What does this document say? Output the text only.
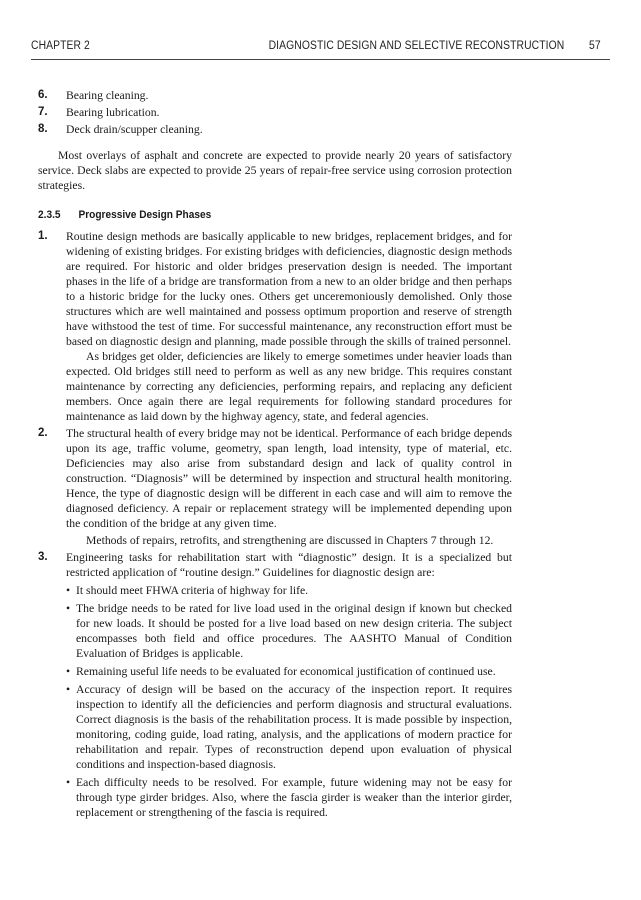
CHAPTER 2	DIAGNOSTIC DESIGN AND SELECTIVE RECONSTRUCTION 57
6. Bearing cleaning.
7. Bearing lubrication.
8. Deck drain/scupper cleaning.

Most overlays of asphalt and concrete are expected to provide nearly 20 years of satisfactory service. Deck slabs are expected to provide 25 years of repair-free service using corrosion protection strategies.

2.3.5 Progressive Design Phases
1. Routine design methods are basically applicable to new bridges, replacement bridges, and for widening of existing bridges. For existing bridges with deficiencies, diagnostic design methods are required. For historic and older bridges preservation design is needed. The important phases in the life of a bridge are transformation from a new to an older bridge and then perhaps to a historic bridge for the lucky ones. Others get unceremoniously demolished. Only those structures which are well maintained and possess optimum proportion and reserve of strength have withstood the test of time. For successful maintenance, any reconstruction effort must be based on diagnostic design and planning, made possible through the skills of trained personnel.
As bridges get older, deficiencies are likely to emerge sometimes under heavier loads than expected. Old bridges still need to perform as well as any new bridge. This requires constant maintenance by correcting any deficiencies, performing repairs, and replacing any deficient members. Once again there are legal requirements for following standard procedures for maintenance as laid down by the highway agency, state, and federal agencies.
2. The structural health of every bridge may not be identical. Performance of each bridge depends upon its age, traffic volume, geometry, span length, load intensity, type of material, etc. Deficiencies may also arise from substandard design and lack of quality control in construction. “Diagnosis” will be determined by inspection and structural health monitoring. Hence, the type of diagnostic design will be different in each case and will aim to remove the diagnosed deficiency. A repair or replacement strategy will be implemented depending upon the condition of the bridge at any given time.
Methods of repairs, retrofits, and strengthening are discussed in Chapters 7 through 12.
3. Engineering tasks for rehabilitation start with “diagnostic” design. It is a specialized but restricted application of “routine design.” Guidelines for diagnostic design are:
• It should meet FHWA criteria of highway for life.
• The bridge needs to be rated for live load used in the original design if known but checked for new loads. It should be posted for a live load based on new design criteria. The subject encompasses both field and office procedures. The AASHTO Manual of Condition Evaluation of Bridges is applicable.
• Remaining useful life needs to be evaluated for economical justification of continued use.
• Accuracy of design will be based on the accuracy of the inspection report. It requires inspection to identify all the deficiencies and perform diagnosis and structural evaluations. Correct diagnosis is the basis of the rehabilitation process. It is made possible by inspection, monitoring, coding guide, load rating, analysis, and the applications of modern practice for rehabilitation and repair. Types of reconstruction depend upon evaluation of physical conditions and inspection-based diagnosis.
• Each difficulty needs to be resolved. For example, future widening may not be easy for through type girder bridges. Also, where the fascia girder is weaker than the interior girder, replacement or strengthening of the fascia is required.
